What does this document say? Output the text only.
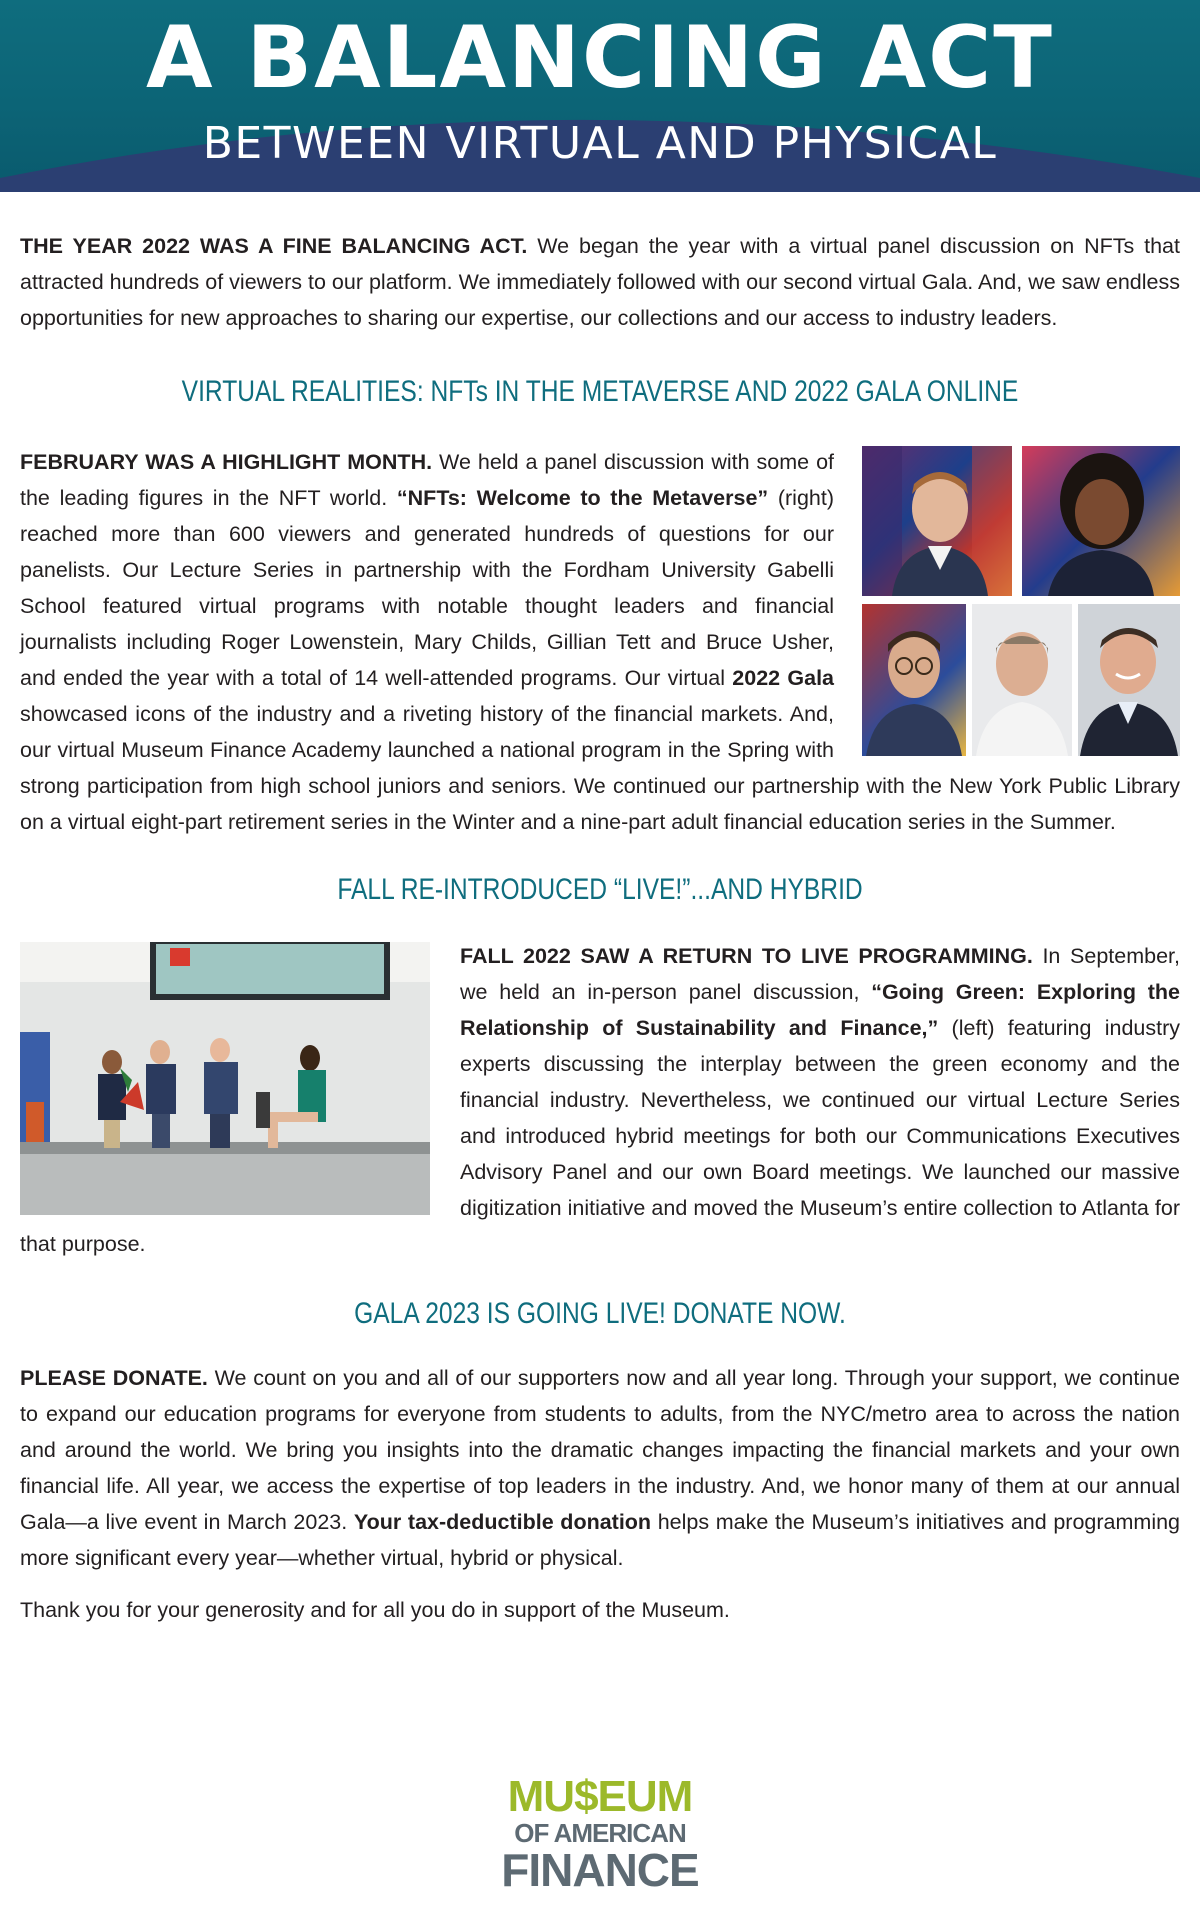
A BALANCING ACT
BETWEEN VIRTUAL AND PHYSICAL

THE YEAR 2022 WAS A FINE BALANCING ACT. We began the year with a virtual panel discussion on NFTs that attracted hundreds of viewers to our platform. We immediately followed with our second virtual Gala. And, we saw endless opportunities for new approaches to sharing our expertise, our collections and our access to industry leaders.

VIRTUAL REALITIES: NFTs IN THE METAVERSE AND 2022 GALA ONLINE

FEBRUARY WAS A HIGHLIGHT MONTH. We held a panel discussion with some of the leading figures in the NFT world. “NFTs: Welcome to the Metaverse” (right) reached more than 600 viewers and generated hundreds of questions for our panelists. Our Lecture Series in partnership with the Fordham University Gabelli School featured virtual programs with notable thought leaders and financial journalists including Roger Lowenstein, Mary Childs, Gillian Tett and Bruce Usher, and ended the year with a total of 14 well-attended programs. Our virtual 2022 Gala showcased icons of the industry and a riveting history of the financial markets. And, our virtual Museum Finance Academy launched a national program in the Spring with strong participation from high school juniors and seniors. We continued our partnership with the New York Public Library on a virtual eight-part retirement series in the Winter and a nine-part adult financial education series in the Summer.

FALL RE-INTRODUCED “LIVE!”...AND HYBRID

FALL 2022 SAW A RETURN TO LIVE PROGRAMMING. In September, we held an in-person panel discussion, “Going Green: Exploring the Relationship of Sustainability and Finance,” (left) featuring industry experts discussing the interplay between the green economy and the financial industry. Nevertheless, we continued our virtual Lecture Series and introduced hybrid meetings for both our Communications Executives Advisory Panel and our own Board meetings. We launched our massive digitization initiative and moved the Museum’s entire collection to Atlanta for that purpose.

GALA 2023 IS GOING LIVE! DONATE NOW.

PLEASE DONATE. We count on you and all of our supporters now and all year long. Through your support, we continue to expand our education programs for everyone from students to adults, from the NYC/metro area to across the nation and around the world. We bring you insights into the dramatic changes impacting the financial markets and your own financial life. All year, we access the expertise of top leaders in the industry. And, we honor many of them at our annual Gala—a live event in March 2023. Your tax-deductible donation helps make the Museum’s initiatives and programming more significant every year—whether virtual, hybrid or physical.

Thank you for your generosity and for all you do in support of the Museum.

MU$EUM
OF AMERICAN
FINANCE
